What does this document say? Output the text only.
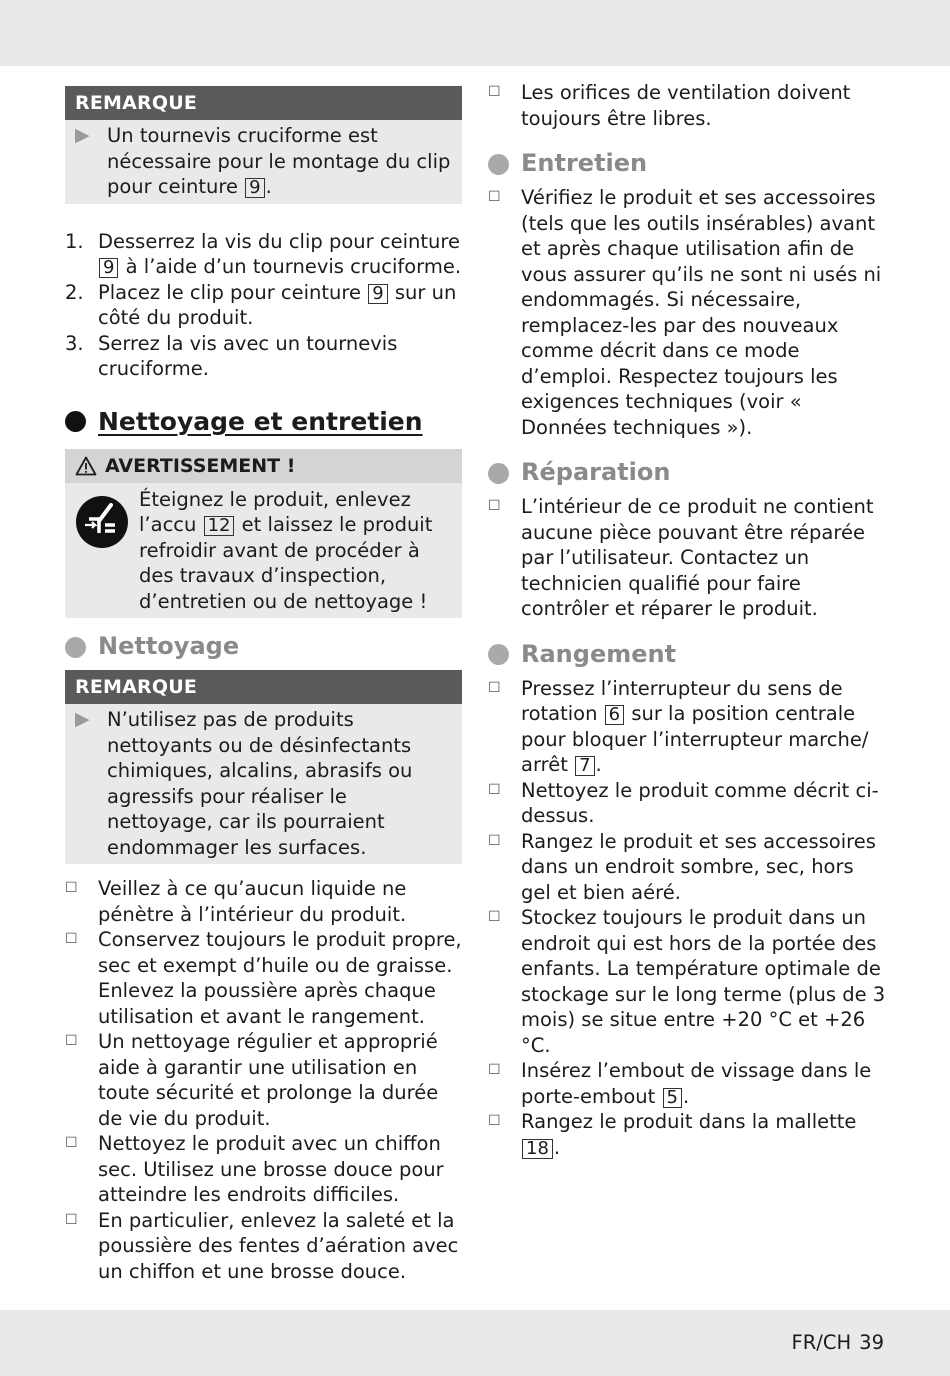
REMARQUE
▶ Un tournevis cruciforme est nécessaire pour le montage du clip pour ceinture 9 .
1. Desserrez la vis du clip pour ceinture 9 à l’aide d’un tournevis cruciforme.
2. Placez le clip pour ceinture 9 sur un côté du produit.
3. Serrez la vis avec un tournevis cruciforme.
Nettoyage et entretien
AVERTISSEMENT !
Éteignez le produit, enlevez l’accu 12 et laissez le produit refroidir avant de procéder à des travaux d’inspection, d’entretien ou de nettoyage !
Nettoyage
REMARQUE
▶ N’utilisez pas de produits nettoyants ou de désinfectants chimiques, alcalins, abrasifs ou agressifs pour réaliser le nettoyage, car ils pourraient endommager les surfaces.
☐	Veillez à ce qu’aucun liquide ne pénètre à l’intérieur du produit.
☐	Conservez toujours le produit propre, sec et exempt d’huile ou de graisse. Enlevez la poussière après chaque utilisation et avant le rangement.
☐	Un nettoyage régulier et approprié aide à garantir une utilisation en toute sécurité et prolonge la durée de vie du produit.
☐	Nettoyez le produit avec un chiffon sec. Utilisez une brosse douce pour atteindre les endroits difficiles.
☐	En particulier, enlevez la saleté et la poussière des fentes d’aération avec un chiffon et une brosse douce.
☐	Les orifices de ventilation doivent toujours être libres.
Entretien
☐	Vérifiez le produit et ses accessoires (tels que les outils insérables) avant et après chaque utilisation afin de vous assurer qu’ils ne sont ni usés ni endommagés. Si nécessaire, remplacez-les par des nouveaux comme décrit dans ce mode d’emploi. Respectez toujours les exigences techniques (voir « Données techniques »).
Réparation
☐	L’intérieur de ce produit ne contient aucune pièce pouvant être réparée par l’utilisateur. Contactez un technicien qualifié pour faire contrôler et réparer le produit.
Rangement
☐	Pressez l’interrupteur du sens de rotation 6 sur la position centrale pour bloquer l’interrupteur marche/ arrêt 7 .
☐	Nettoyez le produit comme décrit ci-dessus.
☐	Rangez le produit et ses accessoires dans un endroit sombre, sec, hors gel et bien aéré.
☐	Stockez toujours le produit dans un endroit qui est hors de la portée des enfants. La température optimale de stockage sur le long terme (plus de 3 mois) se situe entre +20 °C et +26 °C.
☐	Insérez l’embout de vissage dans le porte-embout 5 .
☐	Rangez le produit dans la mallette 18 .
FR/CH 39
